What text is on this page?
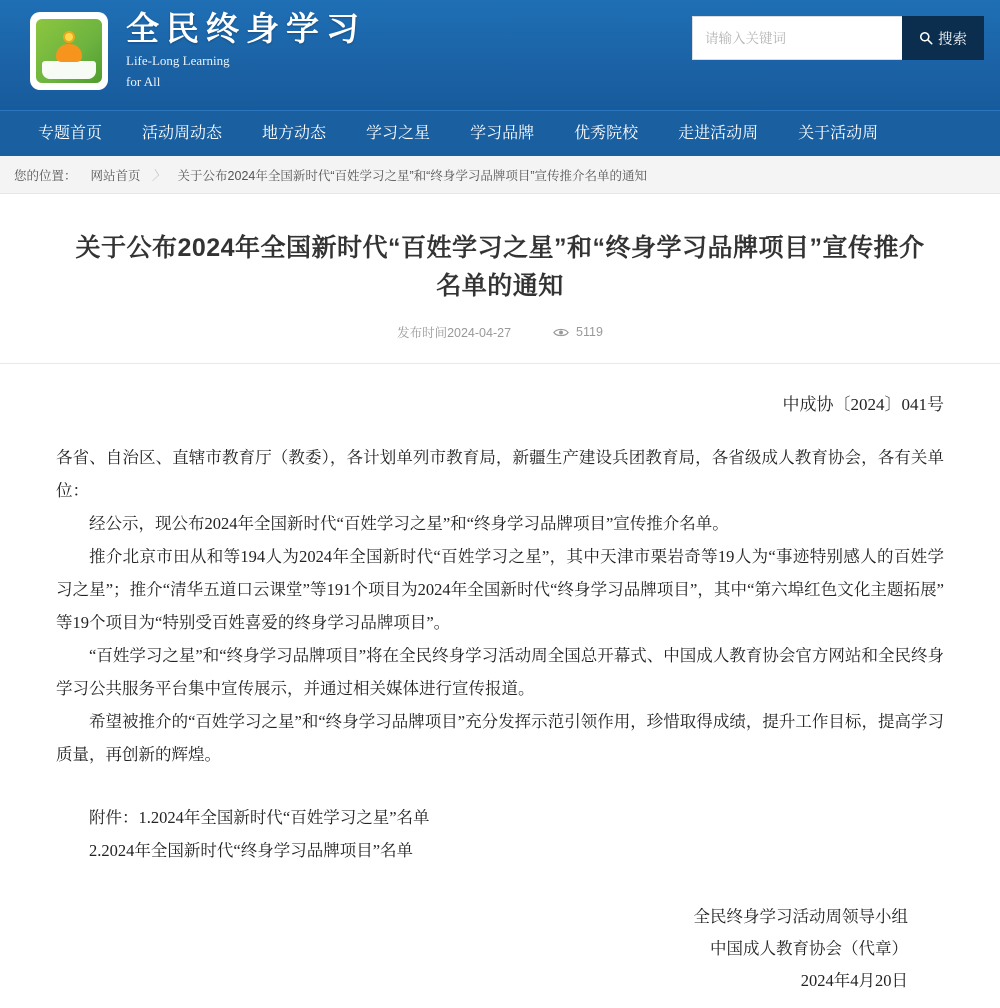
全民终身学习
Life-Long Learning
for All
请输入关键词
搜索
专题首页	活动周动态	地方动态	学习之星	学习品牌	优秀院校	走进活动周	关于活动周
您的位置： 网站首页 〉 关于公布2024年全国新时代“百姓学习之星”和“终身学习品牌项目”宣传推介名单的通知
关于公布2024年全国新时代“百姓学习之星”和“终身学习品牌项目”宣传推介名单的通知
发布时间2024-04-27	5119
中成协〔2024〕041号

各省、自治区、直辖市教育厅（教委），各计划单列市教育局，新疆生产建设兵团教育局，各省级成人教育协会，各有关单位：

经公示，现公布2024年全国新时代“百姓学习之星”和“终身学习品牌项目”宣传推介名单。

推介北京市田从和等194人为2024年全国新时代“百姓学习之星”，其中天津市栗岩奇等19人为“事迹特别感人的百姓学习之星”；推介“清华五道口云课堂”等191个项目为2024年全国新时代“终身学习品牌项目”，其中“第六埠红色文化主题拓展”等19个项目为“特别受百姓喜爱的终身学习品牌项目”。

“百姓学习之星”和“终身学习品牌项目”将在全民终身学习活动周全国总开幕式、中国成人教育协会官方网站和全民终身学习公共服务平台集中宣传展示，并通过相关媒体进行宣传报道。

希望被推介的“百姓学习之星”和“终身学习品牌项目”充分发挥示范引领作用，珍惜取得成绩，提升工作目标，提高学习质量，再创新的辉煌。

附件：1.2024年全国新时代“百姓学习之星”名单
2.2024年全国新时代“终身学习品牌项目”名单
全民终身学习活动周领导小组
中国成人教育协会（代章）
2024年4月20日
